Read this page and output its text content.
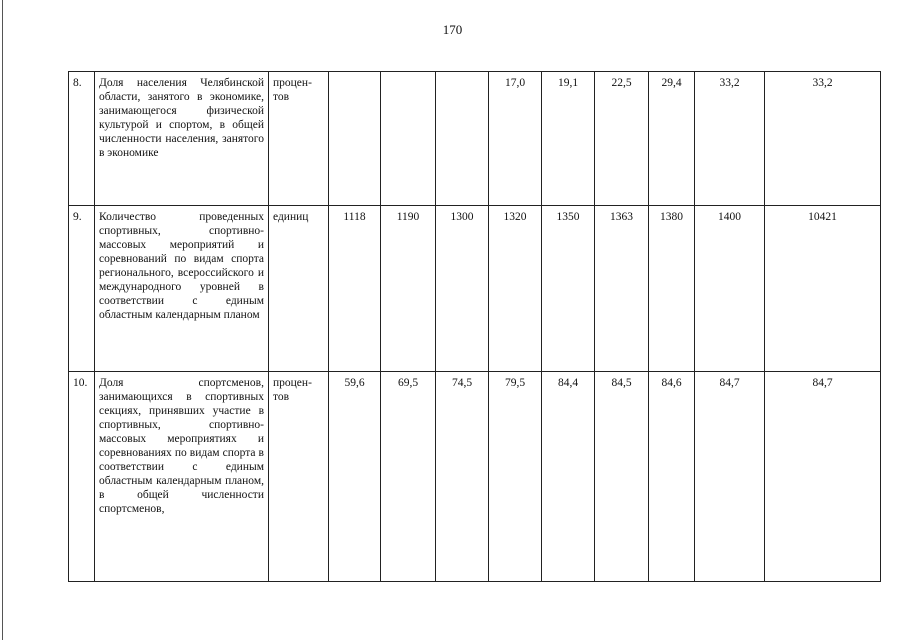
170
8.	Доля населения Челябинской области, занятого в экономике, занимающегося физической культурой и спортом, в общей численности населения, занятого в экономике	процен-
тов				17,0	19,1	22,5	29,4	33,2	33,2
9.	Количество проведенных спортивных, спортивно-массовых мероприятий и соревнований по видам спорта регионального, всероссийского и международного уровней в соответствии с единым областным календарным планом	единиц	1118	1190	1300	1320	1350	1363	1380	1400	10421
10.	Доля спортсменов, занимающихся в спортивных секциях, принявших участие в спортивных, спортивно-массовых мероприятиях и соревнованиях по видам спорта в соответствии с единым областным календарным планом, в общей численности спортсменов,	процен-
тов	59,6	69,5	74,5	79,5	84,4	84,5	84,6	84,7	84,7
